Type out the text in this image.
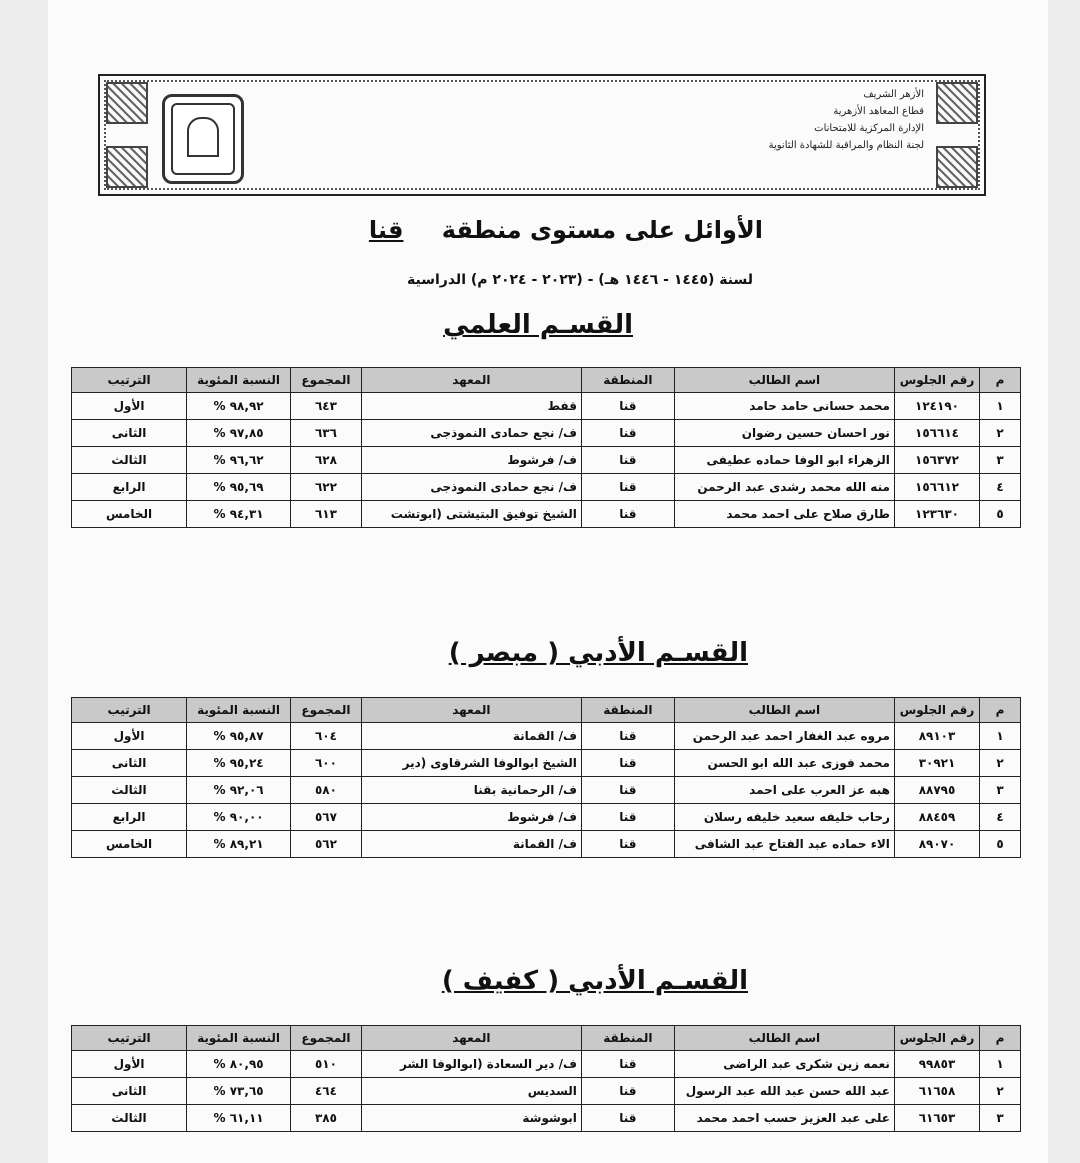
الأزهر الشريف
قطاع المعاهد الأزهرية
الإدارة المركزية للامتحانات
لجنة النظام والمراقبة للشهادة الثانوية
الأوائل على مستوى منطقة قنا
لسنة (١٤٤٥ - ١٤٤٦ هـ) - (٢٠٢٣ - ٢٠٢٤ م) الدراسية
القسـم العلمي
م	رقم الجلوس	اسم الطالب	المنطقة	المعهد	المجموع	النسبة المئوية	الترتيب
١	١٢٤١٩٠	محمد حسانى حامد حامد	قنا	قفط	٦٤٣	٩٨,٩٢ %	الأول
٢	١٥٦٦١٤	نور احسان حسين رضوان	قنا	ف/ نجع حمادى النموذجى	٦٣٦	٩٧,٨٥ %	الثانى
٣	١٥٦٣٧٢	الزهراء ابو الوفا حماده عطيفى	قنا	ف/ فرشوط	٦٢٨	٩٦,٦٢ %	الثالث
٤	١٥٦٦١٢	منه الله محمد رشدى عبد الرحمن	قنا	ف/ نجع حمادى النموذجى	٦٢٢	٩٥,٦٩ %	الرابع
٥	١٢٣٦٣٠	طارق صلاح على احمد محمد	قنا	الشيخ توفيق البتيشتى (ابوتشت	٦١٣	٩٤,٣١ %	الخامس
القسـم الأدبي ( مبصر )
م	رقم الجلوس	اسم الطالب	المنطقة	المعهد	المجموع	النسبة المئوية	الترتيب
١	٨٩١٠٣	مروه عبد الغفار احمد عبد الرحمن	قنا	ف/ القمانة	٦٠٤	٩٥,٨٧ %	الأول
٢	٣٠٩٢١	محمد فوزى عبد الله ابو الحسن	قنا	الشيخ ابوالوفا الشرقاوى (دير	٦٠٠	٩٥,٢٤ %	الثانى
٣	٨٨٧٩٥	هبه عز العرب على احمد	قنا	ف/ الرحمانية بقنا	٥٨٠	٩٢,٠٦ %	الثالث
٤	٨٨٤٥٩	رحاب خليفه سعيد خليفه رسلان	قنا	ف/ فرشوط	٥٦٧	٩٠,٠٠ %	الرابع
٥	٨٩٠٧٠	الاء حماده عبد الفتاح عبد الشافى	قنا	ف/ القمانة	٥٦٢	٨٩,٢١ %	الخامس
القسـم الأدبي ( كفيف )
م	رقم الجلوس	اسم الطالب	المنطقة	المعهد	المجموع	النسبة المئوية	الترتيب
١	٩٩٨٥٣	نعمه زين شكرى عبد الراضى	قنا	ف/ دير السعادة (ابوالوفا الشر	٥١٠	٨٠,٩٥ %	الأول
٢	٦١٦٥٨	عبد الله حسن عبد الله عبد الرسول	قنا	السديس	٤٦٤	٧٣,٦٥ %	الثانى
٣	٦١٦٥٣	على عبد العزيز حسب احمد محمد	قنا	ابوشوشة	٣٨٥	٦١,١١ %	الثالث
